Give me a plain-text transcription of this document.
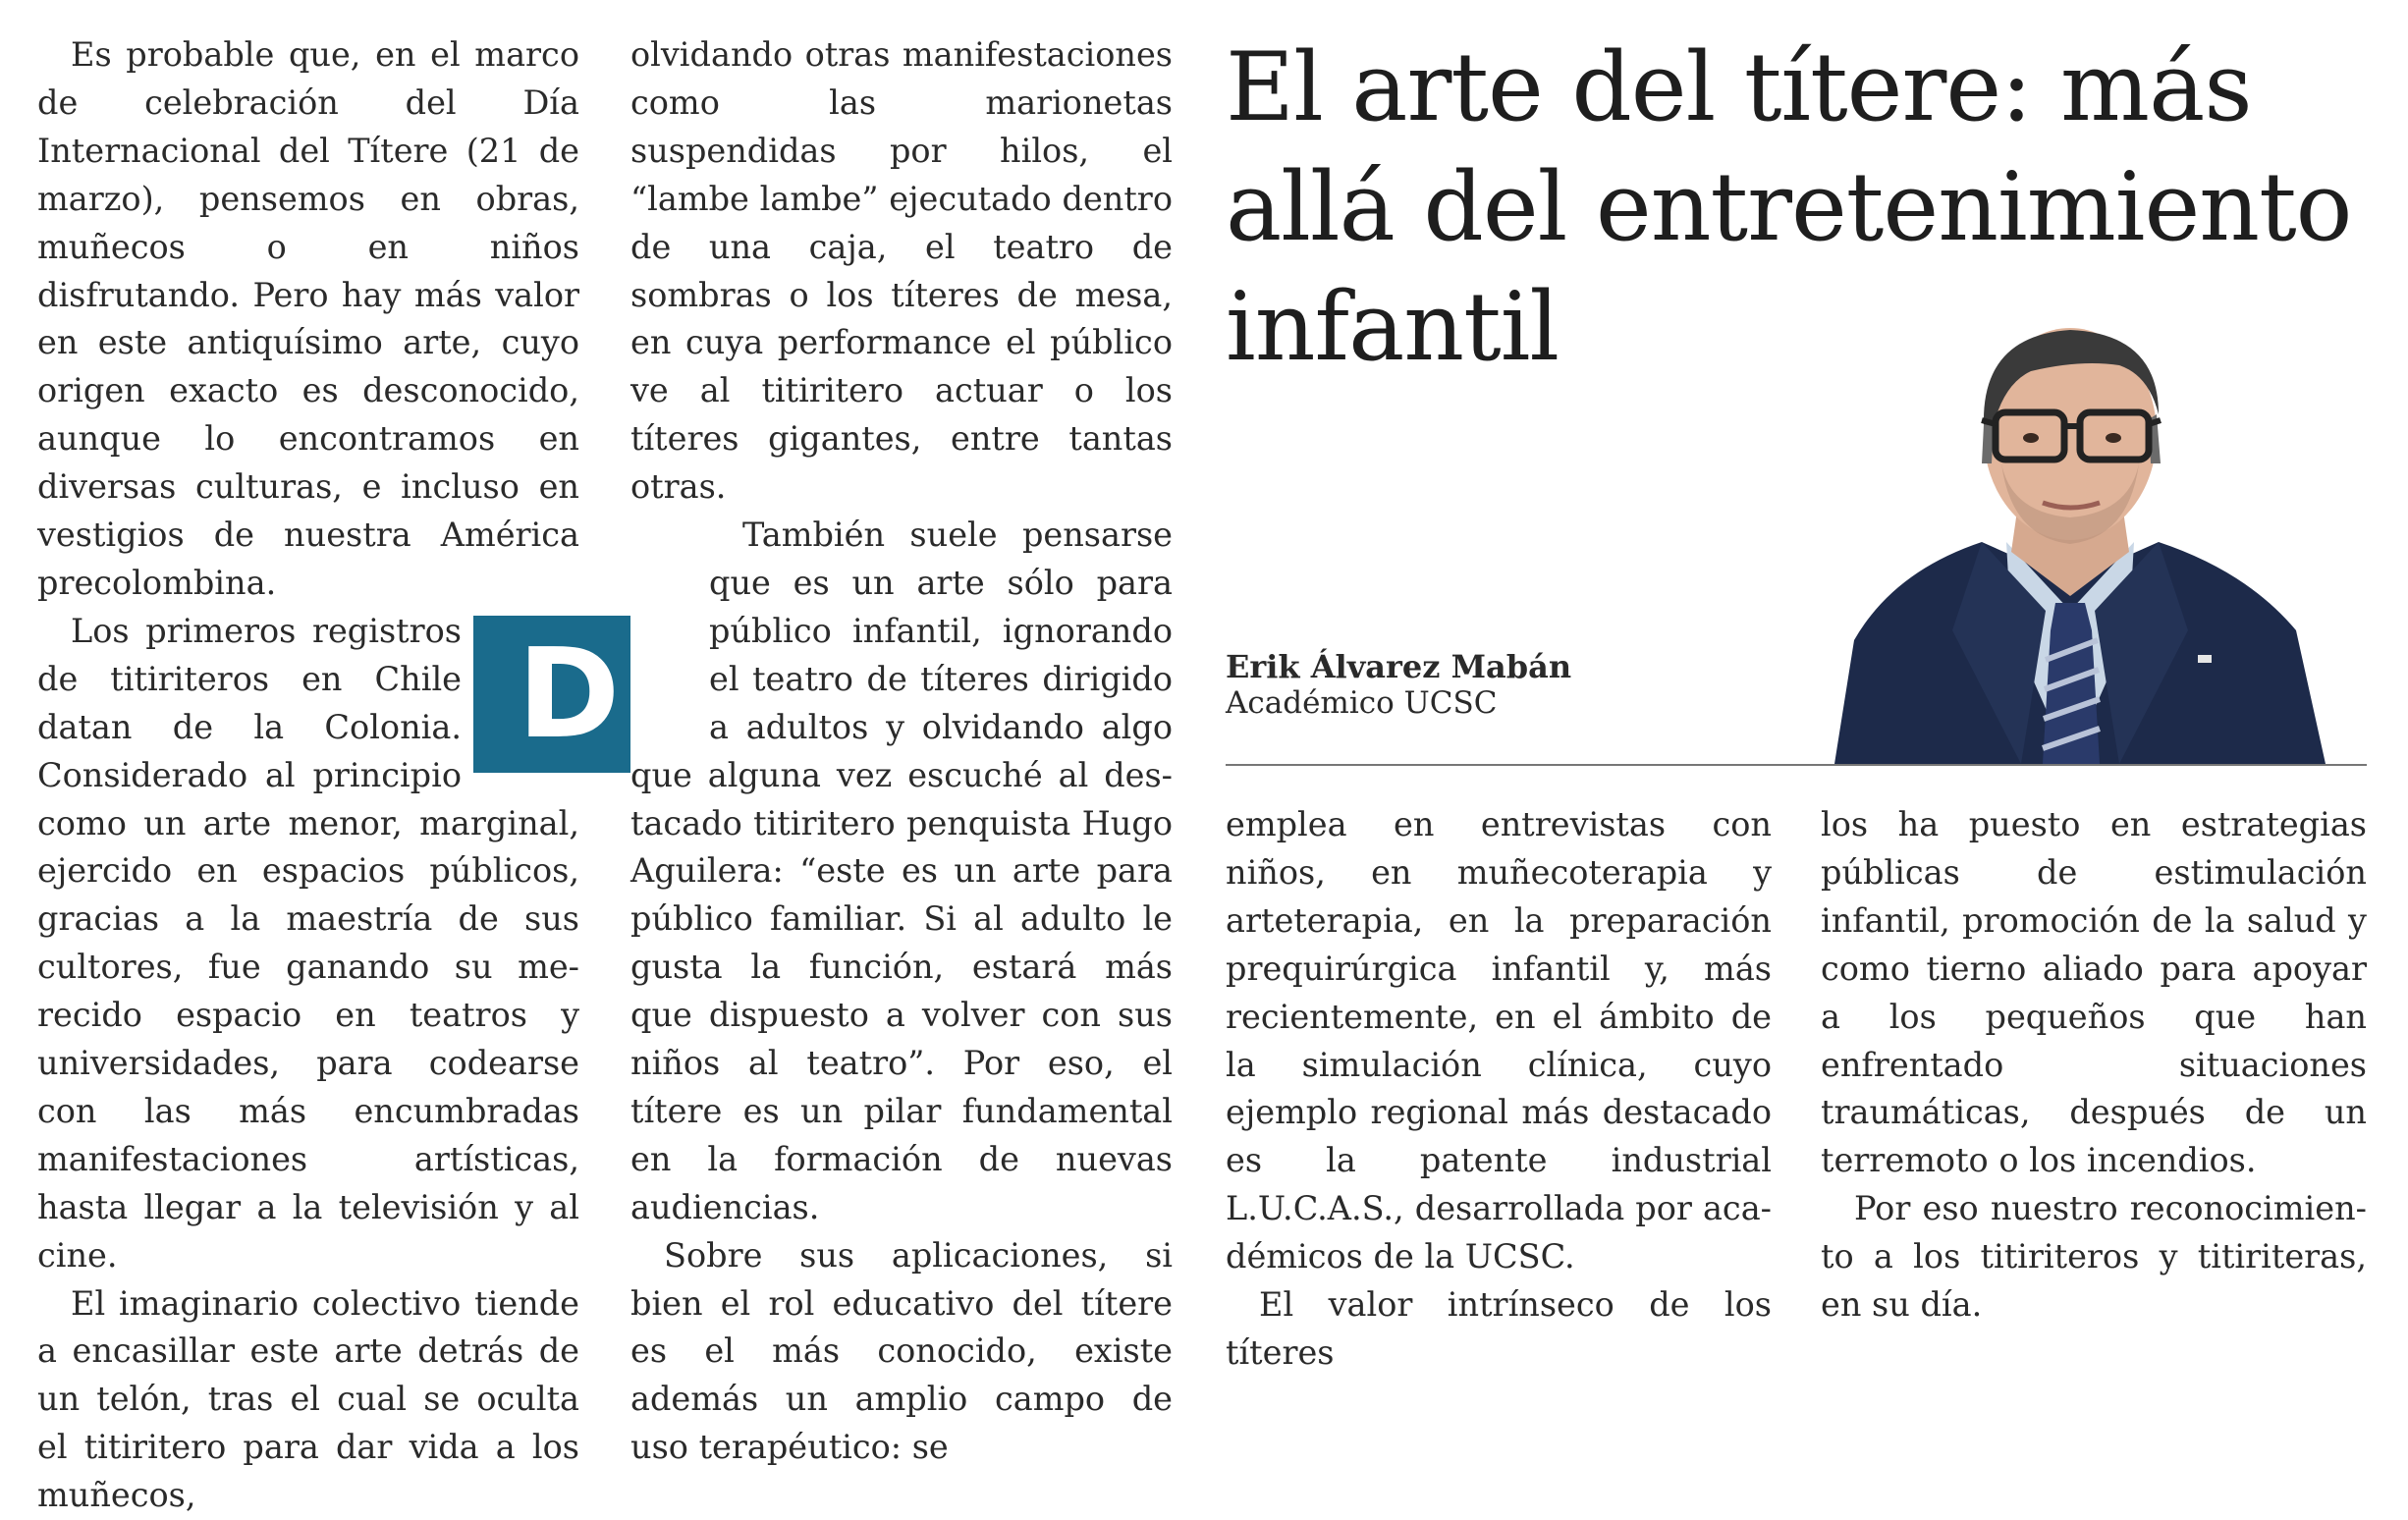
Es probable que, en el marco de celebración del Día Internacional del Títere (21 de marzo), pensemos en obras, muñecos o en niños disfrutando. Pero hay más valor en este antiquísimo arte, cuyo origen exacto es desconocido, aunque lo encontramos en diversas culturas, e incluso en vestigios de nuestra América precolombina.

D
Los primeros registros de titiriteros en Chile datan de la Colonia. Considerado al principio como un arte menor, marginal, ejercido en espacios públicos, gracias a la maestría de sus cultores, fue ganando su merecido espacio en teatros y universidades, para codearse con las más encumbradas manifestaciones artísticas, hasta llegar a la televisión y al cine.

El imaginario colectivo tiende a encasillar este arte detrás de un telón, tras el cual se oculta el titiritero para dar vida a los muñecos,

olvidando otras manifestaciones como las marionetas suspendidas por hilos, el “lambe lambe” ejecutado dentro de una caja, el teatro de sombras o los títeres de mesa, en cuya performance el público ve al titiritero actuar o los títeres gigantes, entre tantas otras.

También suele pensarse que es un arte sólo para público infantil, ignorando el teatro de títeres dirigido a adultos y olvidando algo que alguna vez escuché al destacado titiritero penquista Hugo Aguilera: “este es un arte para público familiar. Si al adulto le gusta la función, estará más que dispuesto a volver con sus niños al teatro”. Por eso, el títere es un pilar fundamental en la formación de nuevas audiencias.

Sobre sus aplicaciones, si bien el rol educativo del títere es el más conocido, existe además un amplio campo de uso terapéutico: se

El arte del títere: más allá del entretenimiento infantil
Erik Álvarez Mabán
Académico UCSC

emplea en entrevistas con niños, en muñecoterapia y arteterapia, en la preparación prequirúrgica infantil y, más recientemente, en el ámbito de la simulación clínica, cuyo ejemplo regional más destacado es la patente industrial L.U.C.A.S., desarrollada por académicos de la UCSC.

El valor intrínseco de los títeres

los ha puesto en estrategias públicas de estimulación infantil, promoción de la salud y como tierno aliado para apoyar a los pequeños que han enfrentado situaciones traumáticas, después de un terremoto o los incendios.

Por eso nuestro reconocimiento a los titiriteros y titiriteras, en su día.
